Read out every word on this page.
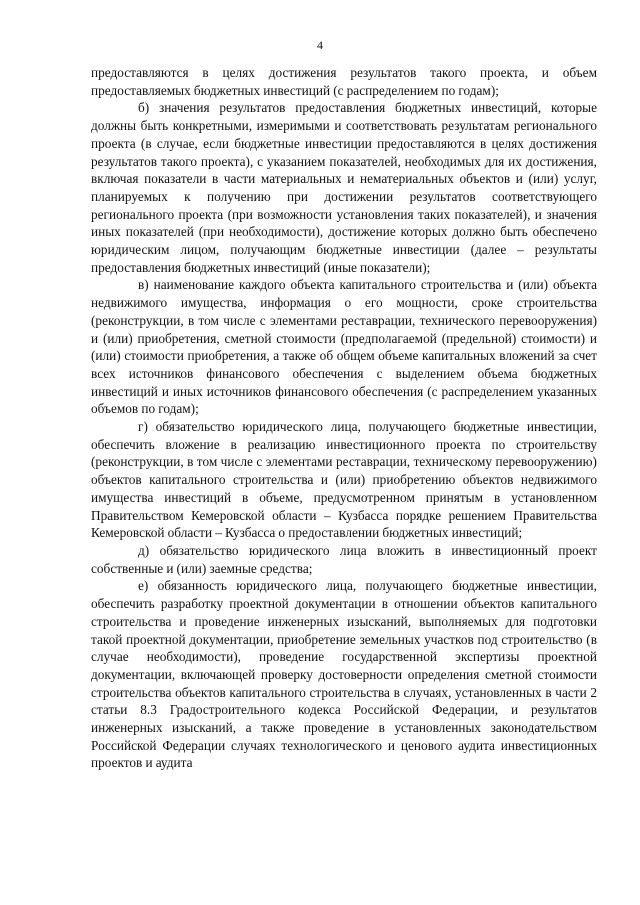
4

предоставляются в целях достижения результатов такого проекта, и объем предоставляемых бюджетных инвестиций (с распределением по годам);

б) значения результатов предоставления бюджетных инвестиций, которые должны быть конкретными, измеримыми и соответствовать результатам регионального проекта (в случае, если бюджетные инвестиции предоставляются в целях достижения результатов такого проекта), с указанием показателей, необходимых для их достижения, включая показатели в части материальных и нематериальных объектов и (или) услуг, планируемых к получению при достижении результатов соответствующего регионального проекта (при возможности установления таких показателей), и значения иных показателей (при необходимости), достижение которых должно быть обеспечено юридическим лицом, получающим бюджетные инвестиции (далее – результаты предоставления бюджетных инвестиций (иные показатели);

в) наименование каждого объекта капитального строительства и (или) объекта недвижимого имущества, информация о его мощности, сроке строительства (реконструкции, в том числе с элементами реставрации, технического перевооружения) и (или) приобретения, сметной стоимости (предполагаемой (предельной) стоимости) и (или) стоимости приобретения, а также об общем объеме капитальных вложений за счет всех источников финансового обеспечения с выделением объема бюджетных инвестиций и иных источников финансового обеспечения (с распределением указанных объемов по годам);

г) обязательство юридического лица, получающего бюджетные инвестиции, обеспечить вложение в реализацию инвестиционного проекта по строительству (реконструкции, в том числе с элементами реставрации, техническому перевооружению) объектов капитального строительства и (или) приобретению объектов недвижимого имущества инвестиций в объеме, предусмотренном принятым в установленном Правительством Кемеровской области – Кузбасса порядке решением Правительства Кемеровской области – Кузбасса о предоставлении бюджетных инвестиций;

д) обязательство юридического лица вложить в инвестиционный проект собственные и (или) заемные средства;

е) обязанность юридического лица, получающего бюджетные инвестиции, обеспечить разработку проектной документации в отношении объектов капитального строительства и проведение инженерных изысканий, выполняемых для подготовки такой проектной документации, приобретение земельных участков под строительство (в случае необходимости), проведение государственной экспертизы проектной документации, включающей проверку достоверности определения сметной стоимости строительства объектов капитального строительства в случаях, установленных в части 2 статьи 8.3 Градостроительного кодекса Российской Федерации, и результатов инженерных изысканий, а также проведение в установленных законодательством Российской Федерации случаях технологического и ценового аудита инвестиционных проектов и аудита
